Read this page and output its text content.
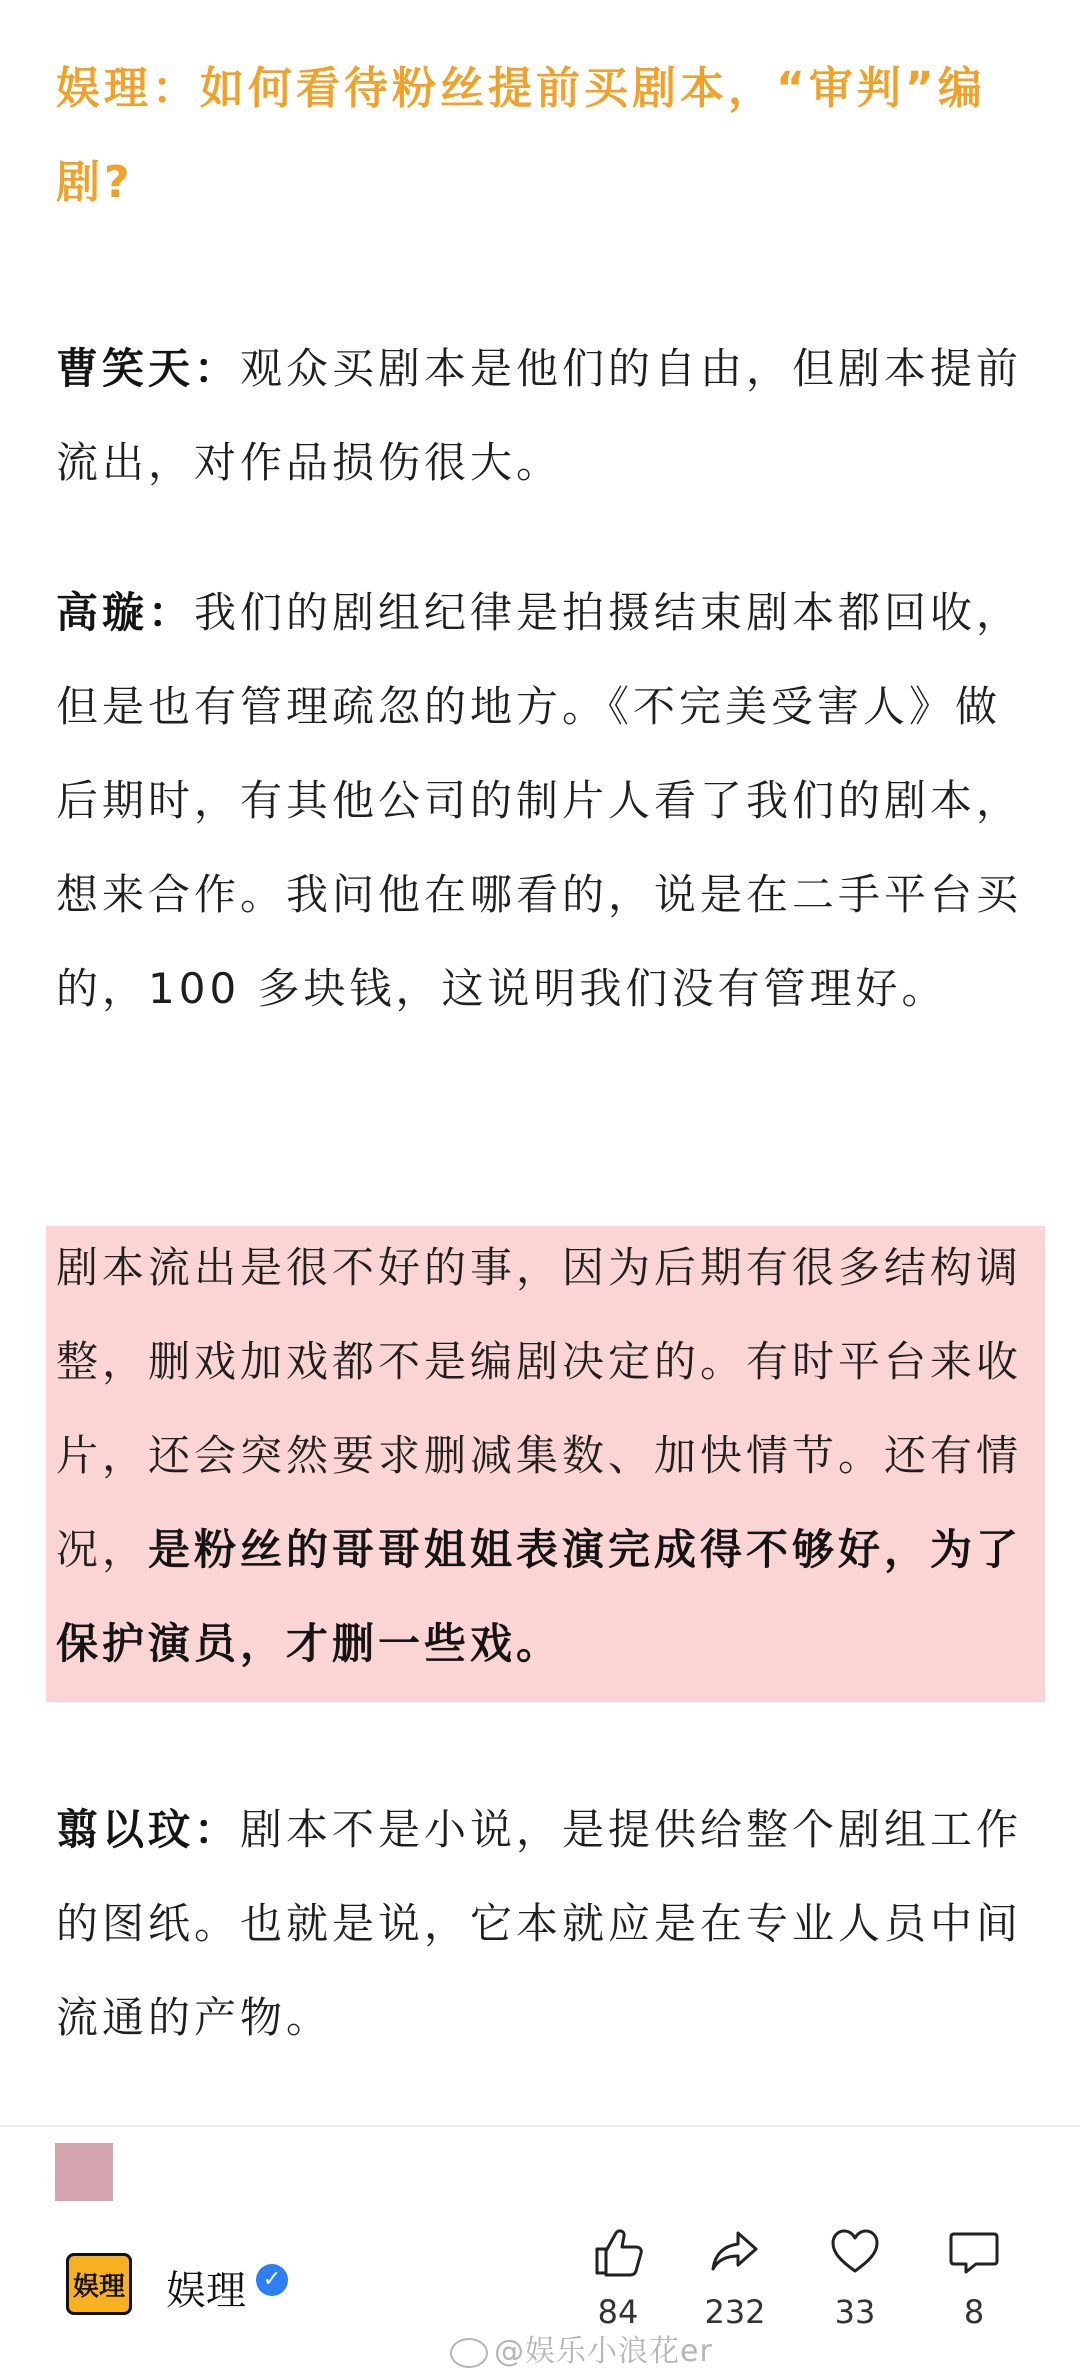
娱理：如何看待粉丝提前买剧本，“审判”编剧?
曹笑天：观众买剧本是他们的自由，但剧本提前流出，对作品损伤很大。
高璇：我们的剧组纪律是拍摄结束剧本都回收，但是也有管理疏忽的地方。《不完美受害人》做后期时，有其他公司的制片人看了我们的剧本，想来合作。我问他在哪看的，说是在二手平台买的，100 多块钱，这说明我们没有管理好。
剧本流出是很不好的事，因为后期有很多结构调整，删戏加戏都不是编剧决定的。有时平台来收片，还会突然要求删减集数、加快情节。还有情况，是粉丝的哥哥姐姐表演完成得不够好，为了保护演员，才删一些戏。
翦以玟：剧本不是小说，是提供给整个剧组工作的图纸。也就是说，它本就应是在专业人员中间流通的产物。
娱理 娱理 ✓
84	232	33	8
@娱乐小浪花er
